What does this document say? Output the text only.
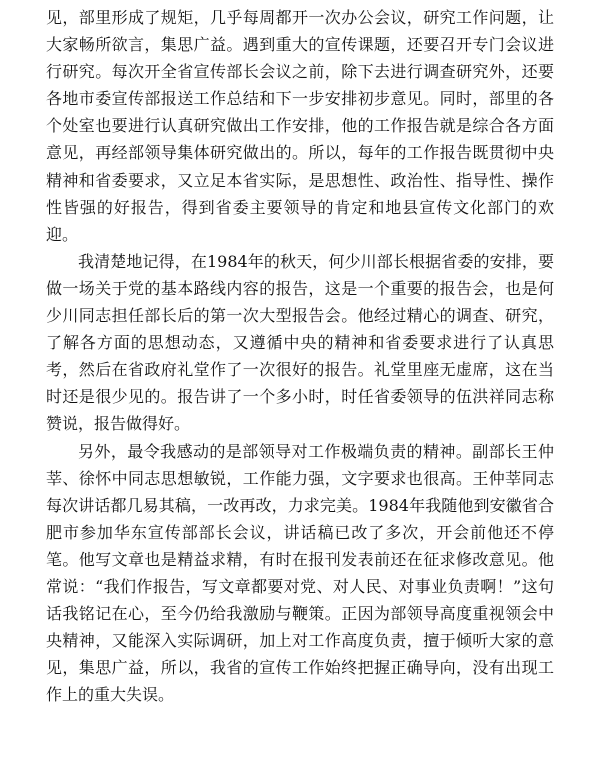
见，部里形成了规矩，几乎每周都开一次办公会议，研究工作问题，让大家畅所欲言，集思广益。遇到重大的宣传课题，还要召开专门会议进行研究。每次开全省宣传部长会议之前，除下去进行调查研究外，还要各地市委宣传部报送工作总结和下一步安排初步意见。同时，部里的各个处室也要进行认真研究做出工作安排，他的工作报告就是综合各方面意见，再经部领导集体研究做出的。所以，每年的工作报告既贯彻中央精神和省委要求，又立足本省实际，是思想性、政治性、指导性、操作性皆强的好报告，得到省委主要领导的肯定和地县宣传文化部门的欢迎。

我清楚地记得，在1984年的秋天，何少川部长根据省委的安排，要做一场关于党的基本路线内容的报告，这是一个重要的报告会，也是何少川同志担任部长后的第一次大型报告会。他经过精心的调查、研究，了解各方面的思想动态，又遵循中央的精神和省委要求进行了认真思考，然后在省政府礼堂作了一次很好的报告。礼堂里座无虚席，这在当时还是很少见的。报告讲了一个多小时，时任省委领导的伍洪祥同志称赞说，报告做得好。

另外，最令我感动的是部领导对工作极端负责的精神。副部长王仲莘、徐怀中同志思想敏锐，工作能力强，文字要求也很高。王仲莘同志每次讲话都几易其稿，一改再改，力求完美。1984年我随他到安徽省合肥市参加华东宣传部部长会议，讲话稿已改了多次，开会前他还不停笔。他写文章也是精益求精，有时在报刊发表前还在征求修改意见。他常说：“我们作报告，写文章都要对党、对人民、对事业负责啊！”这句话我铭记在心，至今仍给我激励与鞭策。正因为部领导高度重视领会中央精神，又能深入实际调研，加上对工作高度负责，擅于倾听大家的意见，集思广益，所以，我省的宣传工作始终把握正确导向，没有出现工作上的重大失误。
